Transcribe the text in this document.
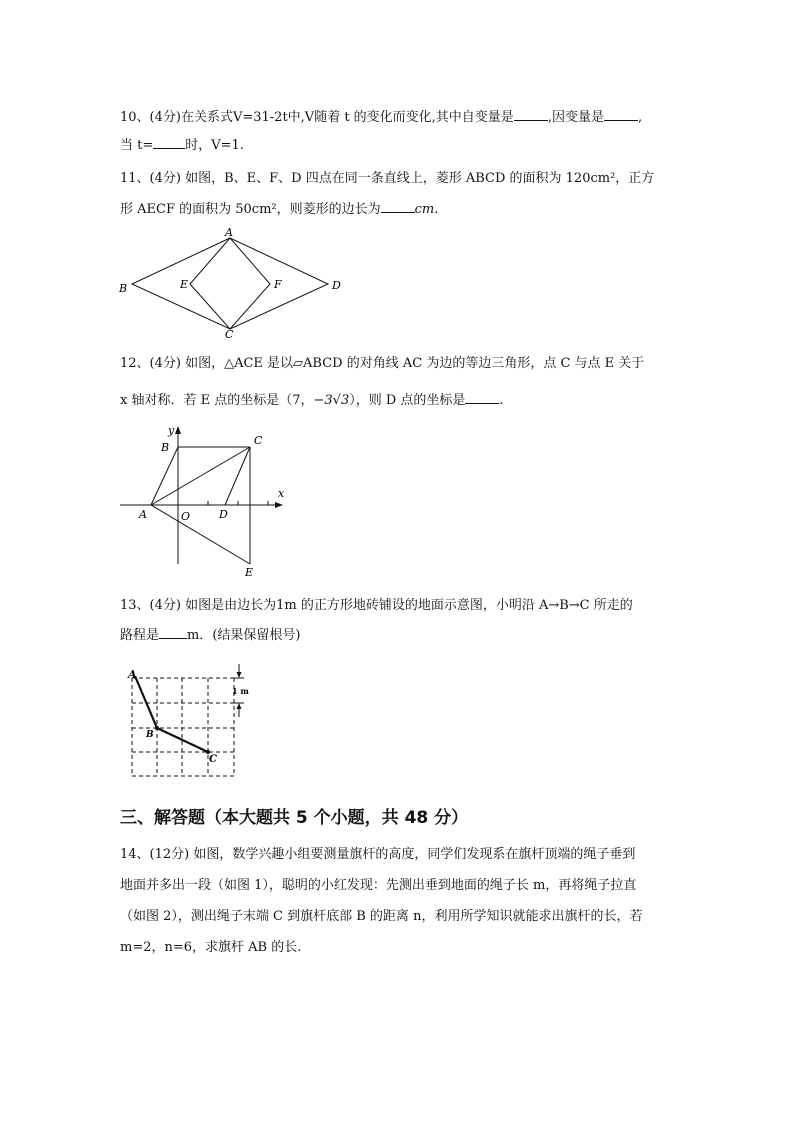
10、(4分)在关系式V=31-2t中,V随着 t 的变化而变化,其中自变量是	,因变量是	,
当 t= 时，V=1.
11、(4分) 如图，B、E、F、D 四点在同一条直线上，菱形 ABCD 的面积为 120cm²，正方
形 AECF 的面积为 50cm²，则菱形的边长为	cm.
A
B
C
D
E	F
12、(4分) 如图，△ACE 是以▱ABCD 的对角线 AC 为边的等边三角形，点 C 与点 E 关于
x 轴对称．若 E 点的坐标是（7，−3√3），则 D 点的坐标是	.
y
x
B
C
A	O	D
E
13、(4分) 如图是由边长为1m 的正方形地砖铺设的地面示意图，小明沿 A→B→C 所走的
路程是 m．(结果保留根号)
A
B
C
1 m
三、解答题（本大题共 5 个小题，共 48 分）
14、(12分) 如图，数学兴趣小组要测量旗杆的高度，同学们发现系在旗杆顶端的绳子垂到
地面并多出一段（如图 1），聪明的小红发现：先测出垂到地面的绳子长 m，再将绳子拉直
（如图 2），测出绳子末端 C 到旗杆底部 B 的距离 n，利用所学知识就能求出旗杆的长，若
m=2，n=6，求旗杆 AB 的长.
